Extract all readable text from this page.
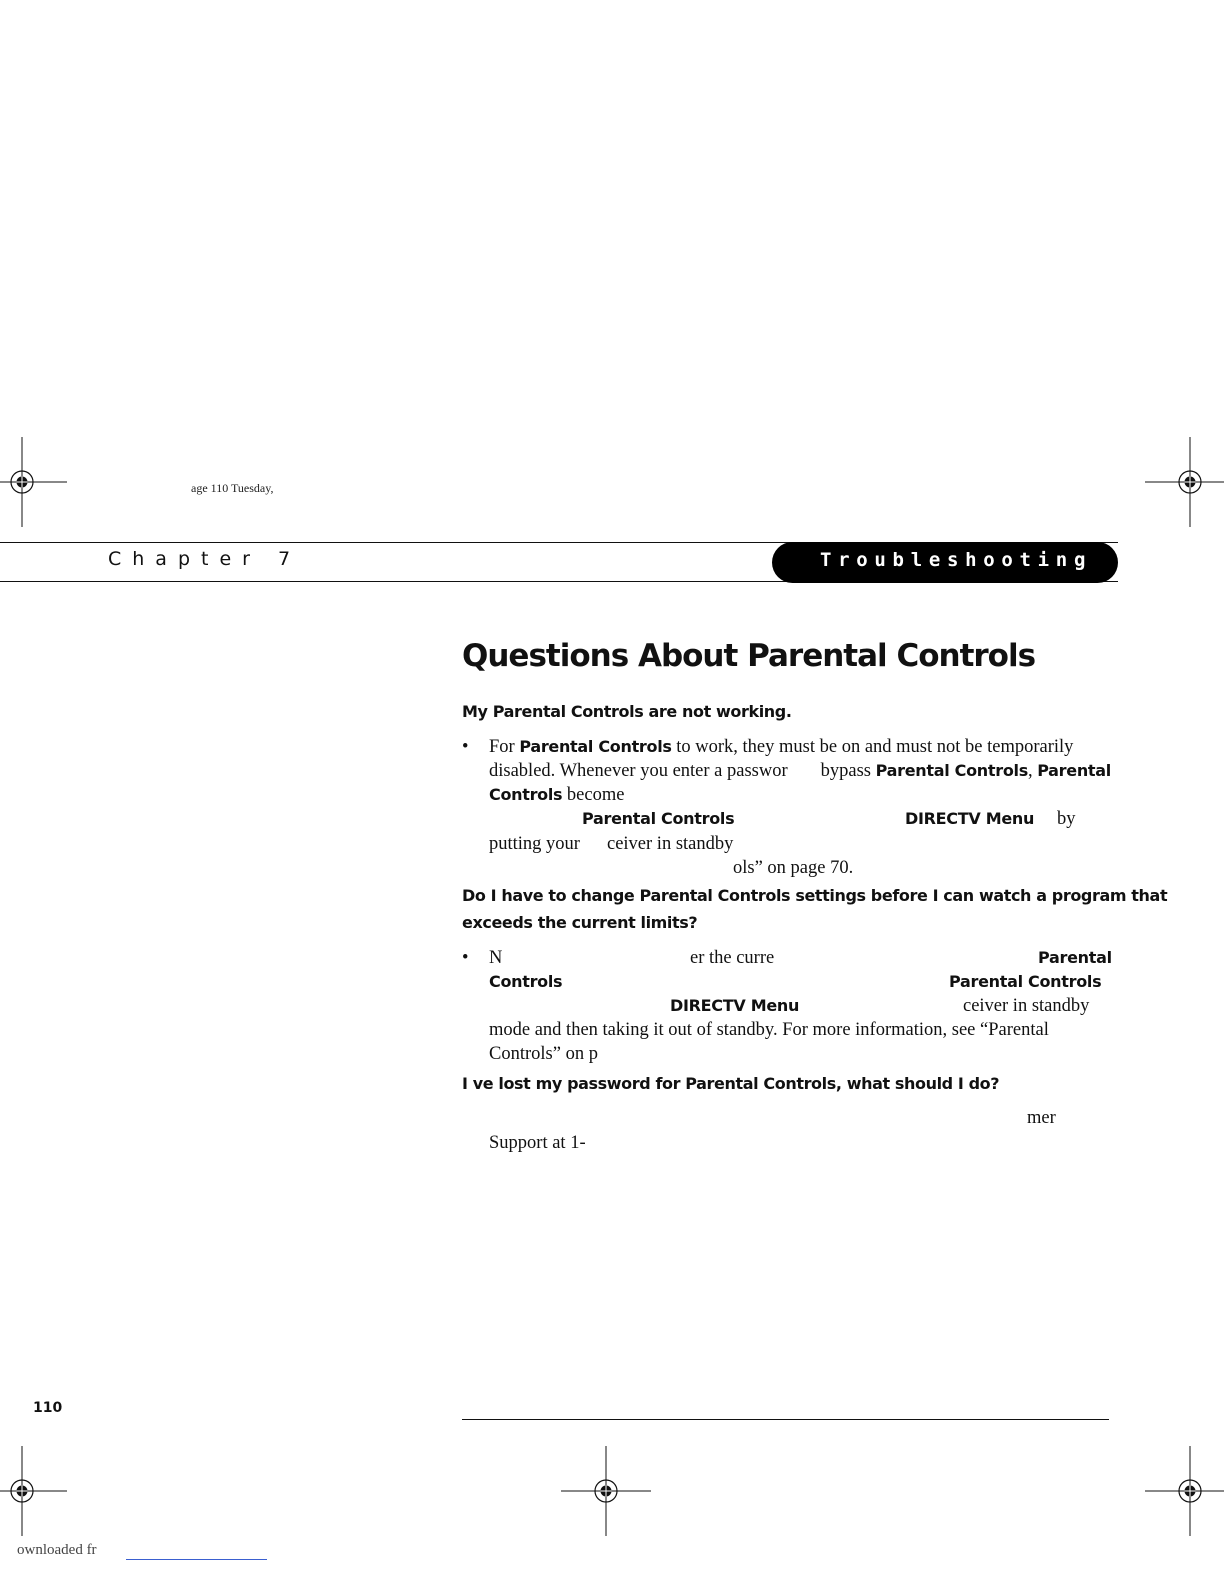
age 110 Tuesday,
Chapter 7	Troubleshooting
Questions About Parental Controls
My Parental Controls are not working.
• For Parental Controls to work, they must be on and must not be temporarily
disabled. Whenever you enter a passwor bypass Parental Controls, Parental
Controls become
Parental Controls	DIRECTV Menu by
putting your ceiver in standby
ols” on page 70.
Do I have to change Parental Controls settings before I can watch a program that
exceeds the current limits?
• N	er the curre	Parental
Controls	Parental Controls
DIRECTV Menu	ceiver in standby
mode and then taking it out of standby. For more information, see “Parental
Controls” on p
I ve lost my password for Parental Controls, what should I do?
mer
Support at 1-
110
ownloaded fr
